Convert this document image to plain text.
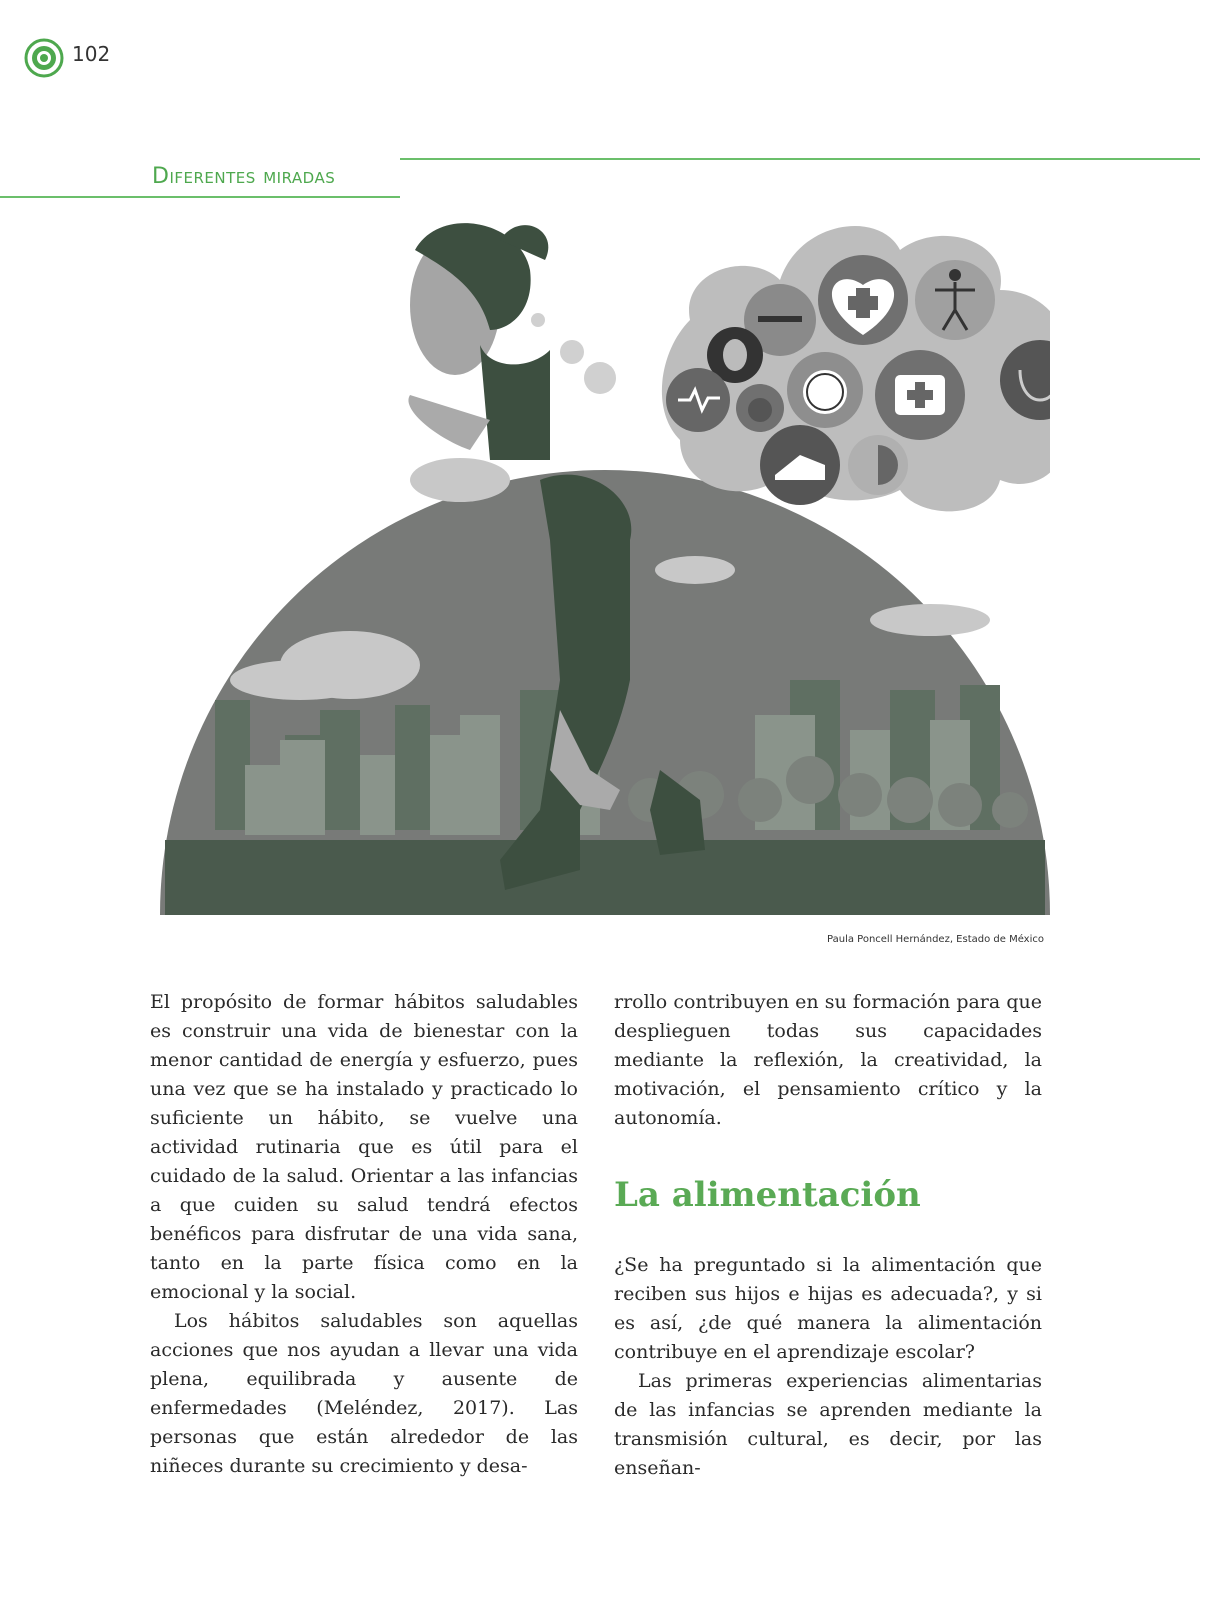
102
Diferentes miradas
Paula Poncell Hernández, Estado de México

El propósito de formar hábitos saludables es construir una vida de bienestar con la menor cantidad de energía y esfuerzo, pues una vez que se ha instalado y practicado lo suficiente un hábito, se vuelve una actividad rutinaria que es útil para el cuidado de la salud. Orientar a las infancias a que cuiden su salud tendrá efectos benéficos para disfrutar de una vida sana, tanto en la parte física como en la emocional y la social.

Los hábitos saludables son aquellas acciones que nos ayudan a llevar una vida plena, equilibrada y ausente de enfermedades (Meléndez, 2017). Las personas que están alrededor de las niñeces durante su crecimiento y desa-

rrollo contribuyen en su formación para que desplieguen todas sus capacidades mediante la reflexión, la creatividad, la motivación, el pensamiento crítico y la autonomía.

La alimentación

¿Se ha preguntado si la alimentación que reciben sus hijos e hijas es adecuada?, y si es así, ¿de qué manera la alimentación contribuye en el aprendizaje escolar?

Las primeras experiencias alimentarias de las infancias se aprenden mediante la transmisión cultural, es decir, por las enseñan-
